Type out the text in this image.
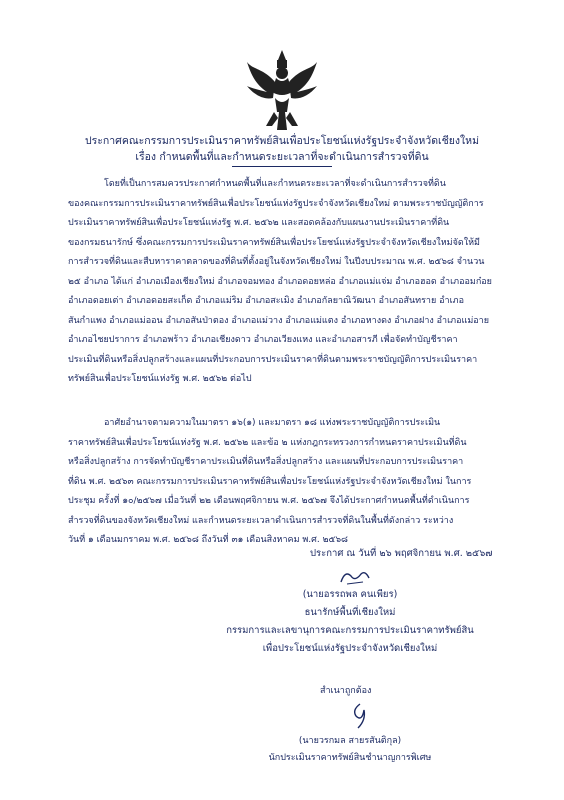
ประกาศคณะกรรมการประเมินราคาทรัพย์สินเพื่อประโยชน์แห่งรัฐประจำจังหวัดเชียงใหม่
เรื่อง กำหนดพื้นที่และกำหนดระยะเวลาที่จะดำเนินการสำรวจที่ดิน
โดยที่เป็นการสมควรประกาศกำหนดพื้นที่และกำหนดระยะเวลาที่จะดำเนินการสำรวจที่ดิน
ของคณะกรรมการประเมินราคาทรัพย์สินเพื่อประโยชน์แห่งรัฐประจำจังหวัดเชียงใหม่ ตามพระราชบัญญัติการ
ประเมินราคาทรัพย์สินเพื่อประโยชน์แห่งรัฐ พ.ศ. ๒๕๖๒ และสอดคล้องกับแผนงานประเมินราคาที่ดิน
ของกรมธนารักษ์ ซึ่งคณะกรรมการประเมินราคาทรัพย์สินเพื่อประโยชน์แห่งรัฐประจำจังหวัดเชียงใหม่จัดให้มี
การสำรวจที่ดินและสืบหาราคาตลาดของที่ดินที่ตั้งอยู่ในจังหวัดเชียงใหม่ ในปีงบประมาณ พ.ศ. ๒๕๖๘ จำนวน
๒๕ อำเภอ ได้แก่ อำเภอเมืองเชียงใหม่ อำเภอจอมทอง อำเภอดอยหล่อ อำเภอแม่แจ่ม อำเภอฮอด อำเภออมก๋อย
อำเภอดอยเต่า อำเภอดอยสะเก็ด อำเภอแม่ริม อำเภอสะเมิง อำเภอกัลยาณิวัฒนา อำเภอสันทราย อำเภอ
สันกำแพง อำเภอแม่ออน อำเภอสันป่าตอง อำเภอแม่วาง อำเภอแม่แตง อำเภอหางดง อำเภอฝาง อำเภอแม่อาย
อำเภอไชยปราการ อำเภอพร้าว อำเภอเชียงดาว อำเภอเวียงแหง และอำเภอสารภี เพื่อจัดทำบัญชีราคา
ประเมินที่ดินหรือสิ่งปลูกสร้างและแผนที่ประกอบการประเมินราคาที่ดินตามพระราชบัญญัติการประเมินราคา
ทรัพย์สินเพื่อประโยชน์แห่งรัฐ พ.ศ. ๒๕๖๒ ต่อไป
อาศัยอำนาจตามความในมาตรา ๑๖(๑) และมาตรา ๑๘ แห่งพระราชบัญญัติการประเมิน
ราคาทรัพย์สินเพื่อประโยชน์แห่งรัฐ พ.ศ. ๒๕๖๒ และข้อ ๒ แห่งกฎกระทรวงการกำหนดราคาประเมินที่ดิน
หรือสิ่งปลูกสร้าง การจัดทำบัญชีราคาประเมินที่ดินหรือสิ่งปลูกสร้าง และแผนที่ประกอบการประเมินราคา
ที่ดิน พ.ศ. ๒๕๖๓ คณะกรรมการประเมินราคาทรัพย์สินเพื่อประโยชน์แห่งรัฐประจำจังหวัดเชียงใหม่ ในการ
ประชุม ครั้งที่ ๑๐/๒๕๖๗ เมื่อวันที่ ๒๒ เดือนพฤศจิกายน พ.ศ. ๒๕๖๗ จึงได้ประกาศกำหนดพื้นที่ดำเนินการ
สำรวจที่ดินของจังหวัดเชียงใหม่ และกำหนดระยะเวลาดำเนินการสำรวจที่ดินในพื้นที่ดังกล่าว ระหว่าง
วันที่ ๑ เดือนมกราคม พ.ศ. ๒๕๖๘ ถึงวันที่ ๓๑ เดือนสิงหาคม พ.ศ. ๒๕๖๘
ประกาศ ณ วันที่ ๒๖ พฤศจิกายน พ.ศ. ๒๕๖๗
(นายอรรถพล คนเพียร)
ธนารักษ์พื้นที่เชียงใหม่
กรรมการและเลขานุการคณะกรรมการประเมินราคาทรัพย์สิน
เพื่อประโยชน์แห่งรัฐประจำจังหวัดเชียงใหม่
สำเนาถูกต้อง
(นายวรกมล สายรสันติกุล)
นักประเมินราคาทรัพย์สินชำนาญการพิเศษ
